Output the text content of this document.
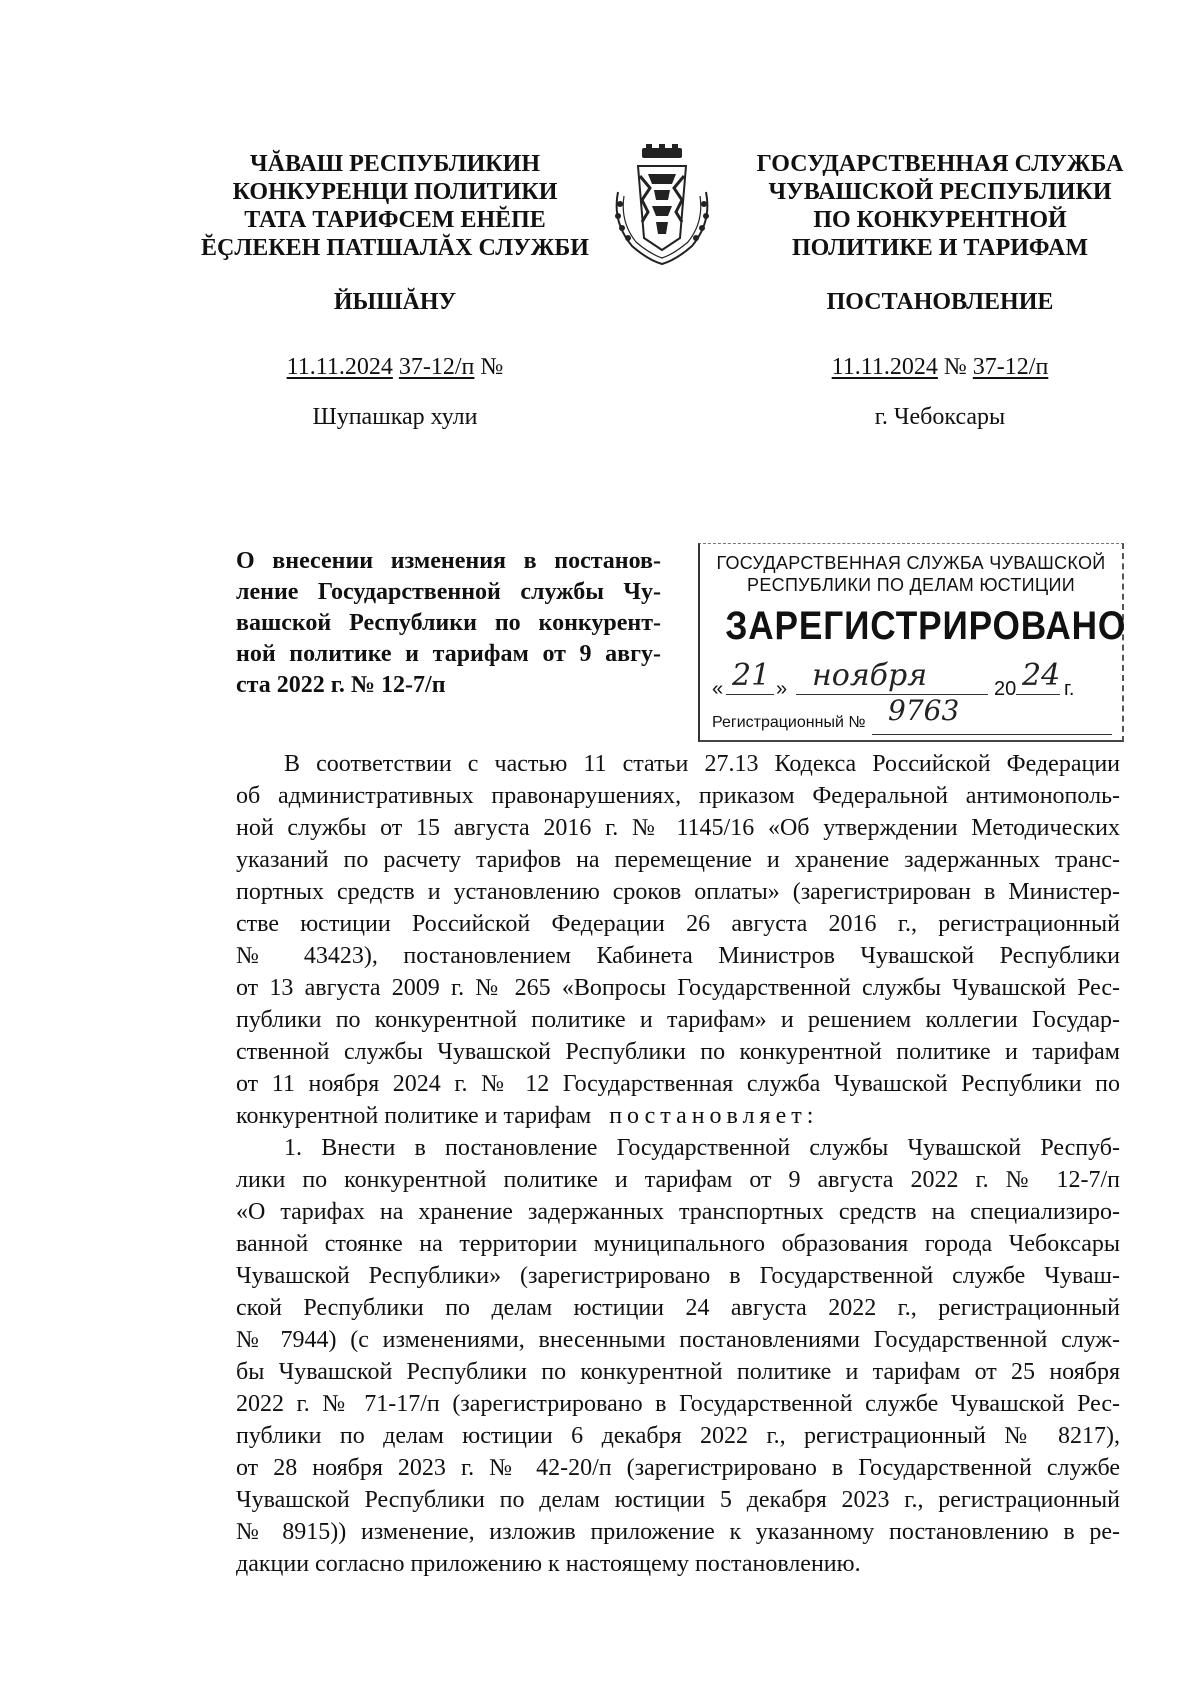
ЧĂВАШ РЕСПУБЛИКИН
КОНКУРЕНЦИ ПОЛИТИКИ
ТАТА ТАРИФСЕМ ЕНĔПЕ
ĔҪЛЕКЕН ПАТШАЛĂХ СЛУЖБИ
ГОСУДАРСТВЕННАЯ СЛУЖБА
ЧУВАШСКОЙ РЕСПУБЛИКИ
ПО КОНКУРЕНТНОЙ
ПОЛИТИКЕ И ТАРИФАМ
ЙЫШĂНУ	ПОСТАНОВЛЕНИЕ
11.11.2024 37-12/п №	11.11.2024 № 37-12/п
Шупашкар хули	г. Чебоксары
О внесении изменения в постанов-
ление Государственной службы Чу-
вашской Республики по конкурент-
ной политике и тарифам от 9 авгу-
ста 2022 г. № 12-7/п
ГОСУДАРСТВЕННАЯ СЛУЖБА ЧУВАШСКОЙ
РЕСПУБЛИКИ ПО ДЕЛАМ ЮСТИЦИИ
ЗАРЕГИСТРИРОВАНО
« 21 » ноября	20 24 г.
Регистрационный № 9763
В соответствии с частью 11 статьи 27.13 Кодекса Российской Федерации
об административных правонарушениях, приказом Федеральной антимонополь-
ной службы от 15 августа 2016 г. № 1145/16 «Об утверждении Методических
указаний по расчету тарифов на перемещение и хранение задержанных транс-
портных средств и установлению сроков оплаты» (зарегистрирован в Министер-
стве юстиции Российской Федерации 26 августа 2016 г., регистрационный
№ 43423), постановлением Кабинета Министров Чувашской Республики
от 13 августа 2009 г. № 265 «Вопросы Государственной службы Чувашской Рес-
публики по конкурентной политике и тарифам» и решением коллегии Государ-
ственной службы Чувашской Республики по конкурентной политике и тарифам
от 11 ноября 2024 г. № 12 Государственная служба Чувашской Республики по
конкурентной политике и тарифам постановляет:
1. Внести в постановление Государственной службы Чувашской Респуб-
лики по конкурентной политике и тарифам от 9 августа 2022 г. № 12-7/п
«О тарифах на хранение задержанных транспортных средств на специализиро-
ванной стоянке на территории муниципального образования города Чебоксары
Чувашской Республики» (зарегистрировано в Государственной службе Чуваш-
ской Республики по делам юстиции 24 августа 2022 г., регистрационный
№ 7944) (с изменениями, внесенными постановлениями Государственной служ-
бы Чувашской Республики по конкурентной политике и тарифам от 25 ноября
2022 г. № 71-17/п (зарегистрировано в Государственной службе Чувашской Рес-
публики по делам юстиции 6 декабря 2022 г., регистрационный № 8217),
от 28 ноября 2023 г. № 42-20/п (зарегистрировано в Государственной службе
Чувашской Республики по делам юстиции 5 декабря 2023 г., регистрационный
№ 8915)) изменение, изложив приложение к указанному постановлению в ре-
дакции согласно приложению к настоящему постановлению.
